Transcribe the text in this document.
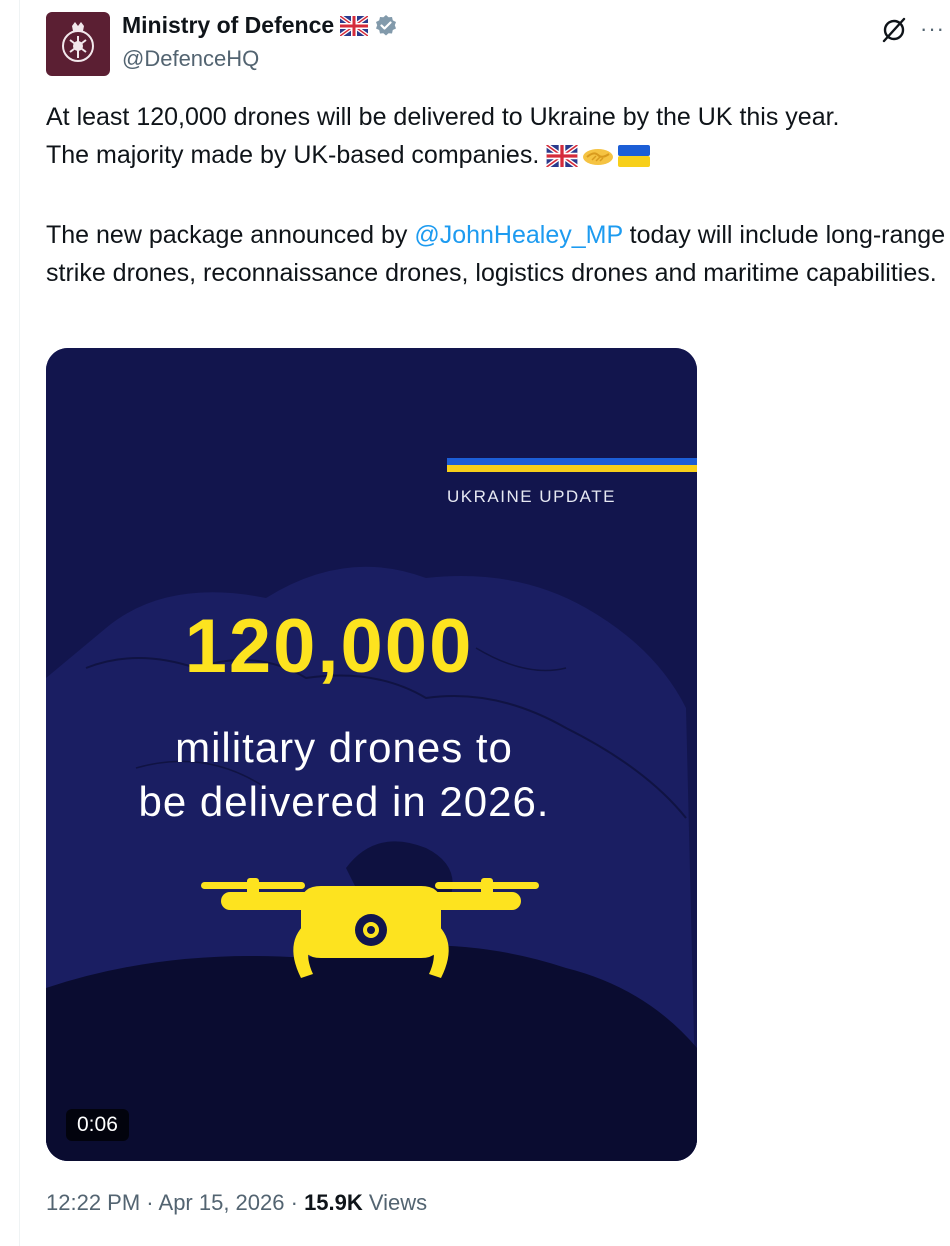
Ministry of Defence
@DefenceHQ
···

At least 120,000 drones will be delivered to Ukraine by the UK this year.

The majority made by UK-based companies.

The new package announced by @JohnHealey_MP today will include long-range strike drones, reconnaissance drones, logistics drones and maritime capabilities.

UKRAINE UPDATE
120,000
military drones to
be delivered in 2026.
0:06
12:22 PM · Apr 15, 2026 · 15.9K Views
